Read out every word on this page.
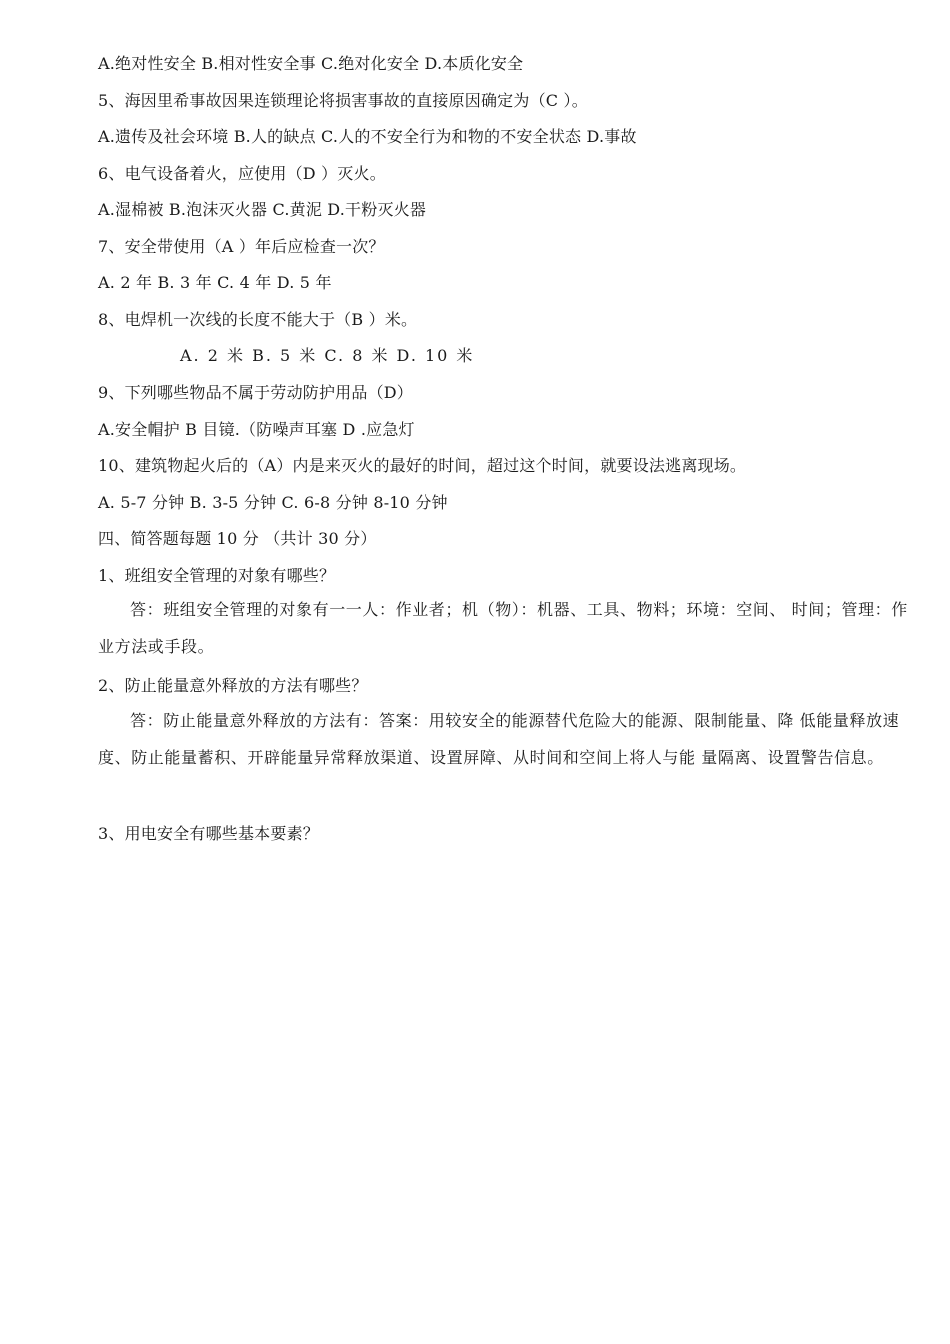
A.绝对性安全 B.相对性安全事 C.绝对化安全 D.本质化安全
5、海因里希事故因果连锁理论将损害事故的直接原因确定为（C ）。
A.遗传及社会环境 B.人的缺点 C.人的不安全行为和物的不安全状态 D.事故
6、电气设备着火，应使用（D ）灭火。
A.湿棉被 B.泡沫灭火器 C.黄泥 D.干粉灭火器
7、安全带使用（A ）年后应检查一次？
A. 2 年 B. 3 年 C. 4 年 D. 5 年
8、电焊机一次线的长度不能大于（B ）米。
A. 2 米 B. 5 米 C. 8 米 D. 10 米
9、下列哪些物品不属于劳动防护用品（D）
A.安全帽护 B 目镜.（防噪声耳塞 D .应急灯
10、建筑物起火后的（A）内是来灭火的最好的时间，超过这个时间，就要设法逃离现场。
A. 5-7 分钟 B. 3-5 分钟 C. 6-8 分钟 8-10 分钟
四、简答题每题 10 分 （共计 30 分）
1、班组安全管理的对象有哪些？
答：班组安全管理的对象有一一人：作业者；机（物）：机器、工具、物料；环境：空间、 时间；管理：作业方法或手段。
2、防止能量意外释放的方法有哪些？
答：防止能量意外释放的方法有：答案：用较安全的能源替代危险大的能源、限制能量、降 低能量释放速度、防止能量蓄积、开辟能量异常释放渠道、设置屏障、从时间和空间上将人与能 量隔离、设置警告信息。
3、用电安全有哪些基本要素？
